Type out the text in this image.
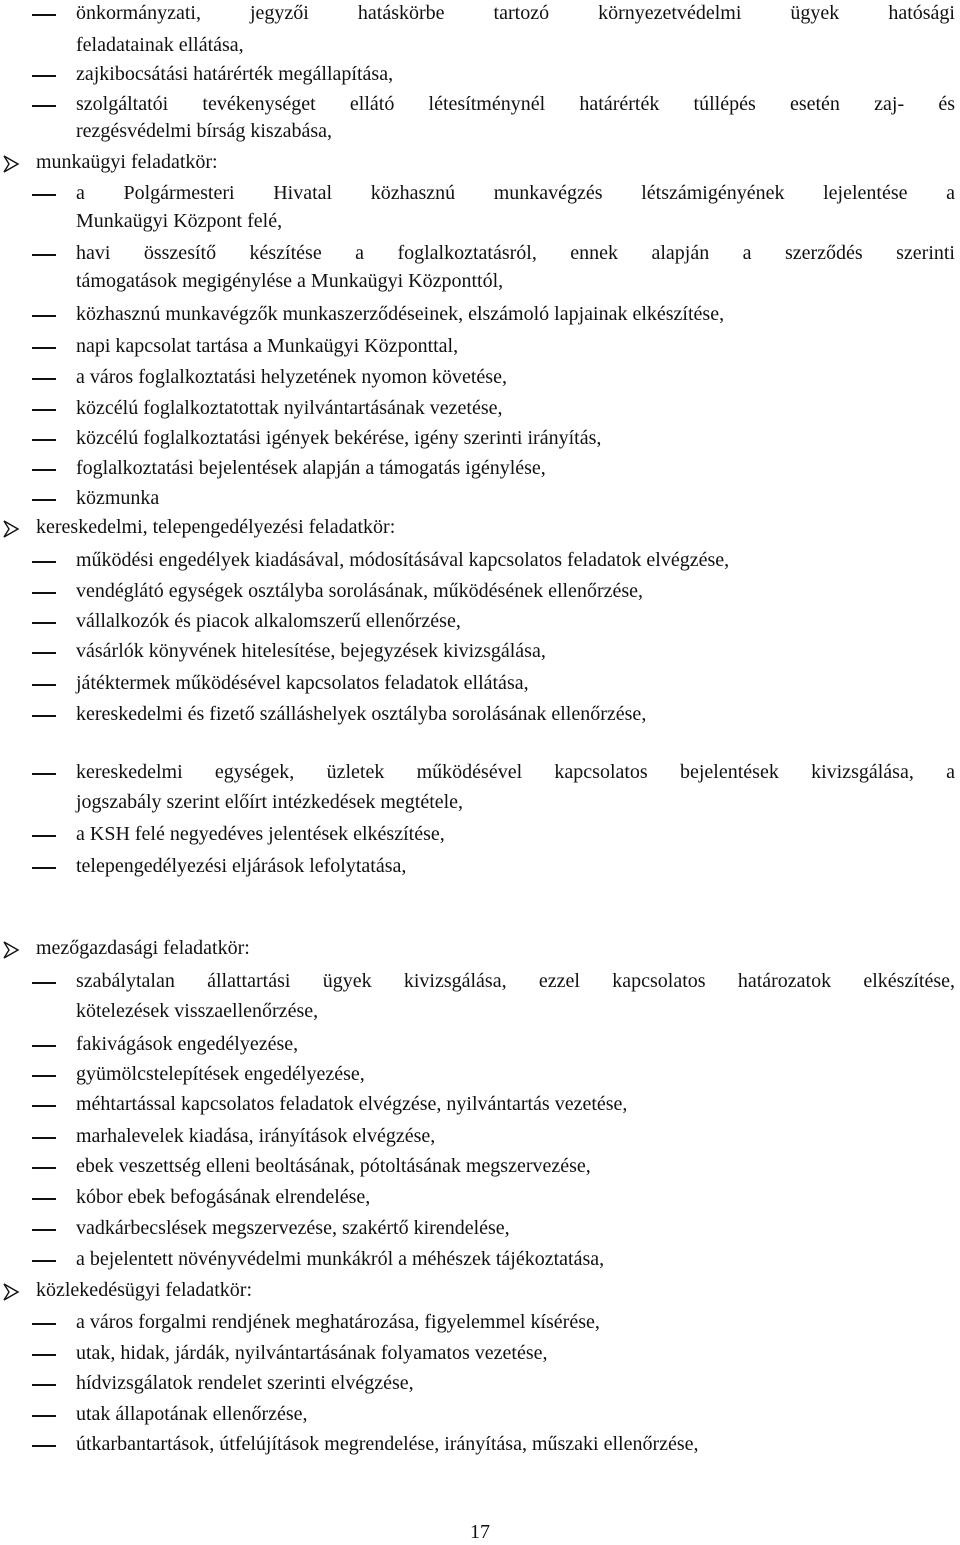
önkormányzati, jegyzői hatáskörbe tartozó környezetvédelmi ügyek hatósági
feladatainak ellátása,
zajkibocsátási határérték megállapítása,
szolgáltatói tevékenységet ellátó létesítménynél határérték túllépés esetén zaj- és
rezgésvédelmi bírság kiszabása,
munkaügyi feladatkör:
a Polgármesteri Hivatal közhasznú munkavégzés létszámigényének lejelentése a
Munkaügyi Központ felé,
havi összesítő készítése a foglalkoztatásról, ennek alapján a szerződés szerinti
támogatások megigénylése a Munkaügyi Központtól,
közhasznú munkavégzők munkaszerződéseinek, elszámoló lapjainak elkészítése,
napi kapcsolat tartása a Munkaügyi Központtal,
a város foglalkoztatási helyzetének nyomon követése,
közcélú foglalkoztatottak nyilvántartásának vezetése,
közcélú foglalkoztatási igények bekérése, igény szerinti irányítás,
foglalkoztatási bejelentések alapján a támogatás igénylése,
közmunka
kereskedelmi, telepengedélyezési feladatkör:
működési engedélyek kiadásával, módosításával kapcsolatos feladatok elvégzése,
vendéglátó egységek osztályba sorolásának, működésének ellenőrzése,
vállalkozók és piacok alkalomszerű ellenőrzése,
vásárlók könyvének hitelesítése, bejegyzések kivizsgálása,
játéktermek működésével kapcsolatos feladatok ellátása,
kereskedelmi és fizető szálláshelyek osztályba sorolásának ellenőrzése,
kereskedelmi egységek, üzletek működésével kapcsolatos bejelentések kivizsgálása, a
jogszabály szerint előírt intézkedések megtétele,
a KSH felé negyedéves jelentések elkészítése,
telepengedélyezési eljárások lefolytatása,
mezőgazdasági feladatkör:
szabálytalan állattartási ügyek kivizsgálása, ezzel kapcsolatos határozatok elkészítése,
kötelezések visszaellenőrzése,
fakivágások engedélyezése,
gyümölcstelepítések engedélyezése,
méhtartással kapcsolatos feladatok elvégzése, nyilvántartás vezetése,
marhalevelek kiadása, irányítások elvégzése,
ebek veszettség elleni beoltásának, pótoltásának megszervezése,
kóbor ebek befogásának elrendelése,
vadkárbecslések megszervezése, szakértő kirendelése,
a bejelentett növényvédelmi munkákról a méhészek tájékoztatása,
közlekedésügyi feladatkör:
a város forgalmi rendjének meghatározása, figyelemmel kísérése,
utak, hidak, járdák, nyilvántartásának folyamatos vezetése,
hídvizsgálatok rendelet szerinti elvégzése,
utak állapotának ellenőrzése,
útkarbantartások, útfelújítások megrendelése, irányítása, műszaki ellenőrzése,
17
